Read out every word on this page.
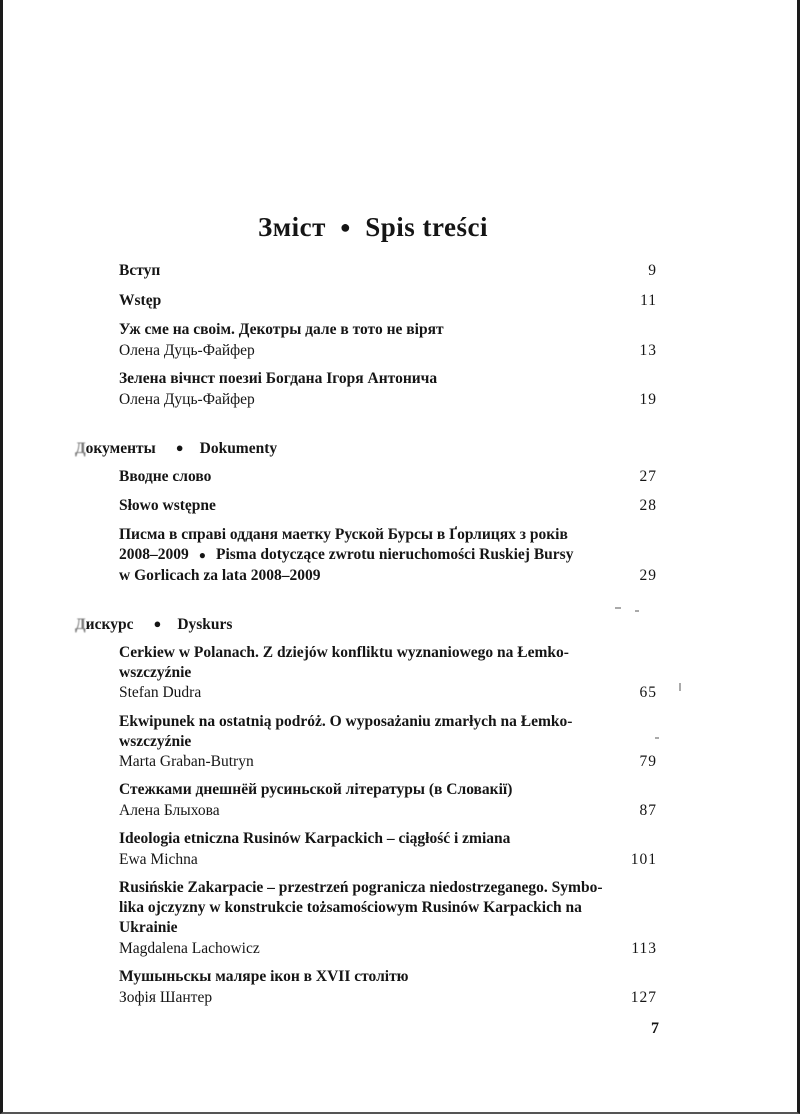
Зміст ● Spis treści
Вступ	9
Wstęp	11
Уж сме на своім. Декотры дале в тото не вірят
Олена Дуць-Файфер	13
Зелена вічнст поезиі Богдана Ігоря Антонича
Олена Дуць-Файфер	19
Документы ● Dokumenty
Вводне слово	27
Słowo wstępne	28
Писма в справі одданя маетку Руской Бурсы в Ґорлицях з років
2008–2009 ● Pisma dotyczące zwrotu nieruchomości Ruskiej Bursy
w Gorlicach za lata 2008–2009	29
Дискурс ● Dyskurs
Cerkiew w Polanach. Z dziejów konfliktu wyznaniowego na Łemko-
wszczyźnie
Stefan Dudra	65
Ekwipunek na ostatnią podróż. O wyposażaniu zmarłych na Łemko-
wszczyźnie
Marta Graban-Butryn	79
Стежками днешнёй русиньской літературы (в Словакії)
Алена Блыхова	87
Ideologia etniczna Rusinów Karpackich – ciągłość i zmiana
Ewa Michna	101
Rusińskie Zakarpacie – przestrzeń pogranicza niedostrzeganego. Symbo-
lika ojczyzny w konstrukcie tożsamościowym Rusinów Karpackich na
Ukrainie
Magdalena Lachowicz	113
Мушыньскы маляре ікон в XVII столітю
Зофія Шантер	127
7
